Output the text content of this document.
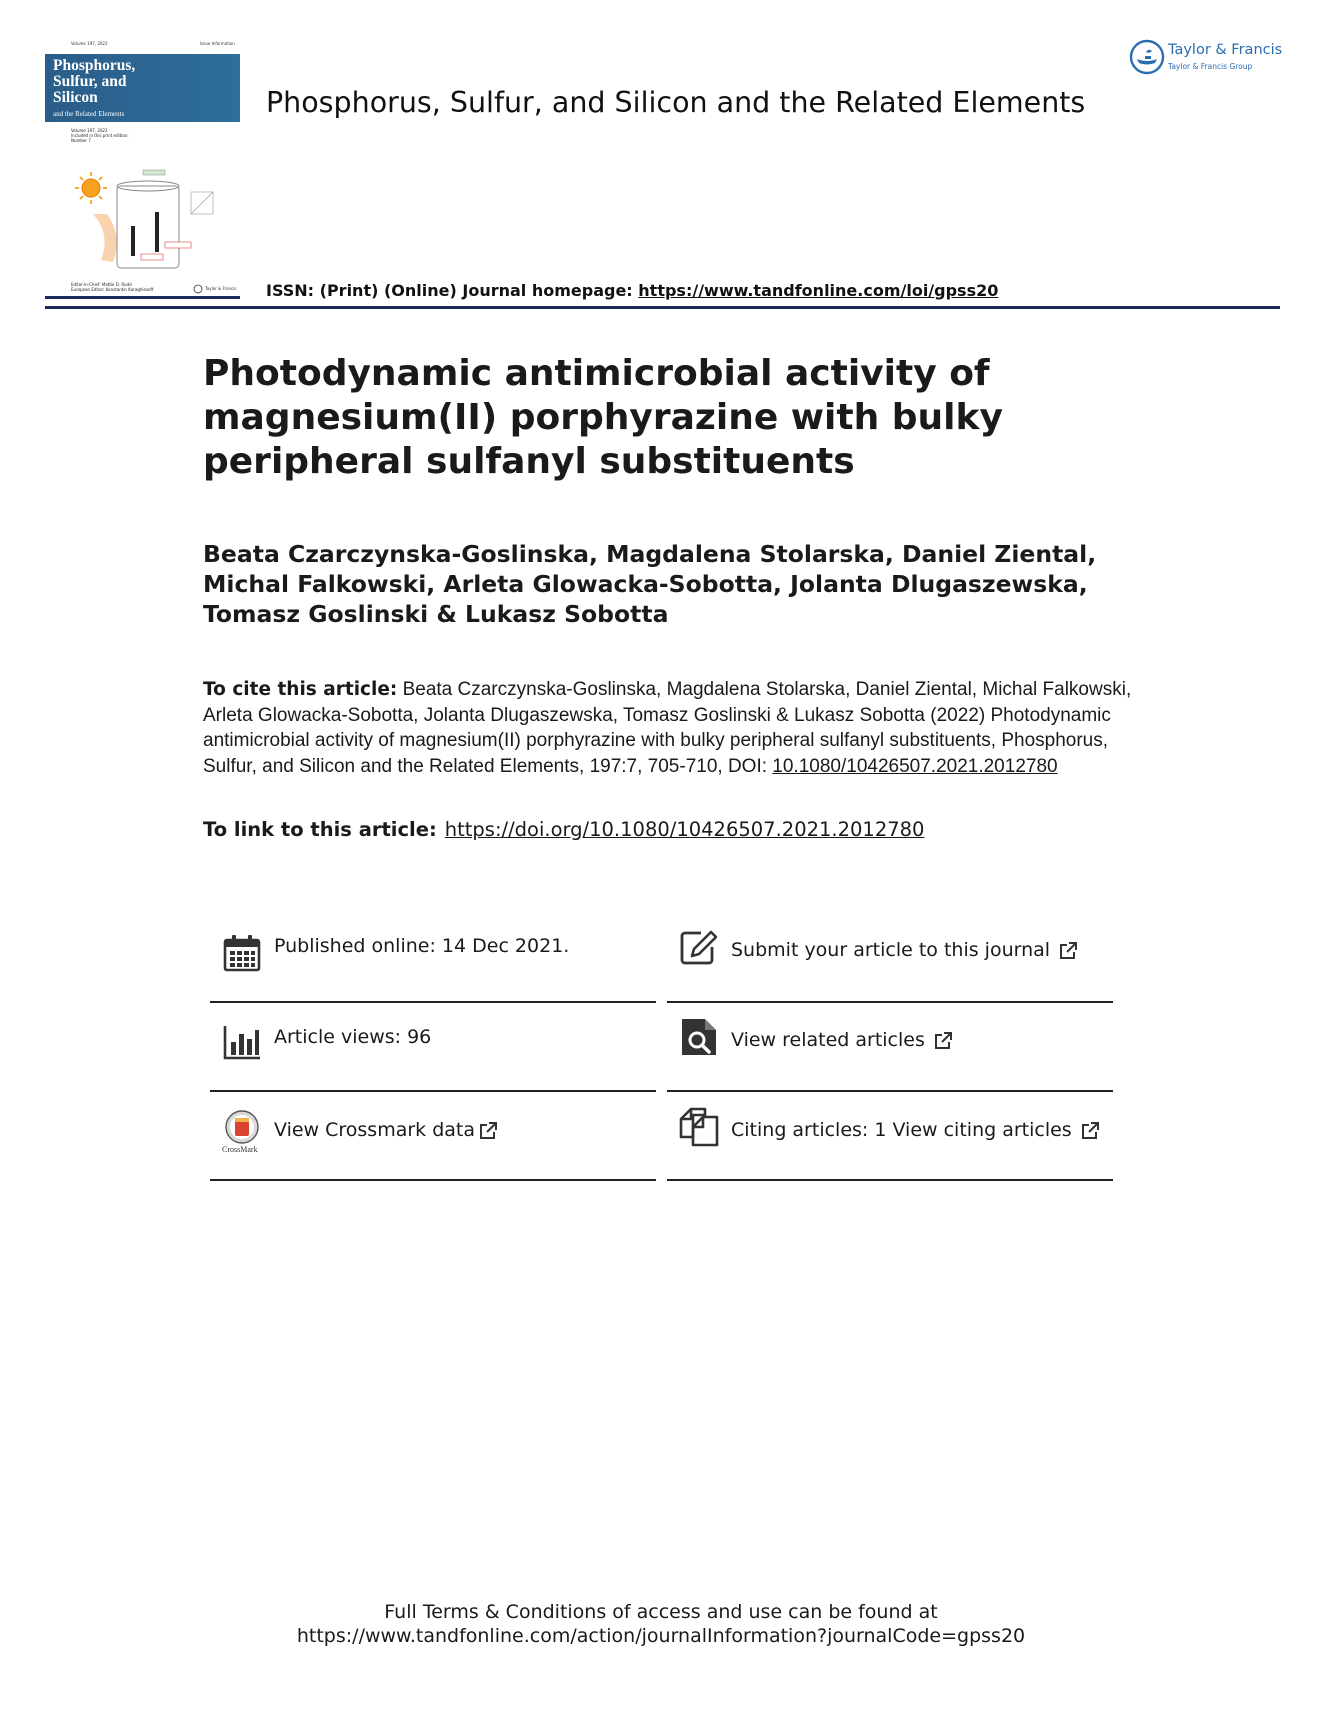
Volume 197, 2022	Issue Information
Phosphorus,
Sulfur, and
Silicon
and the Related Elements
Volume 197, 2022
Included in this print edition:
Number 7
Editor-in-Chief: Mattie D. Rudd
European Editor: Konstantin Karaghiosoff	Taylor & Francis
Phosphorus, Sulfur, and Silicon and the Related Elements
Taylor & Francis
Taylor & Francis Group
ISSN: (Print) (Online) Journal homepage: https://www.tandfonline.com/loi/gpss20
Photodynamic antimicrobial activity of magnesium(II) porphyrazine with bulky peripheral sulfanyl substituents
Beata Czarczynska-Goslinska, Magdalena Stolarska, Daniel Ziental, Michal Falkowski, Arleta Glowacka-Sobotta, Jolanta Dlugaszewska, Tomasz Goslinski & Lukasz Sobotta
To cite this article: Beata Czarczynska-Goslinska, Magdalena Stolarska, Daniel Ziental, Michal Falkowski, Arleta Glowacka-Sobotta, Jolanta Dlugaszewska, Tomasz Goslinski & Lukasz Sobotta (2022) Photodynamic antimicrobial activity of magnesium(II) porphyrazine with bulky peripheral sulfanyl substituents, Phosphorus, Sulfur, and Silicon and the Related Elements, 197:7, 705-710, DOI: 10.1080/10426507.2021.2012780
To link to this article: https://doi.org/10.1080/10426507.2021.2012780
Published online: 14 Dec 2021.	Submit your article to this journal
Article views: 96	View related articles
CrossMark
View Crossmark data	Citing articles: 1 View citing articles
Full Terms & Conditions of access and use can be found at
https://www.tandfonline.com/action/journalInformation?journalCode=gpss20
